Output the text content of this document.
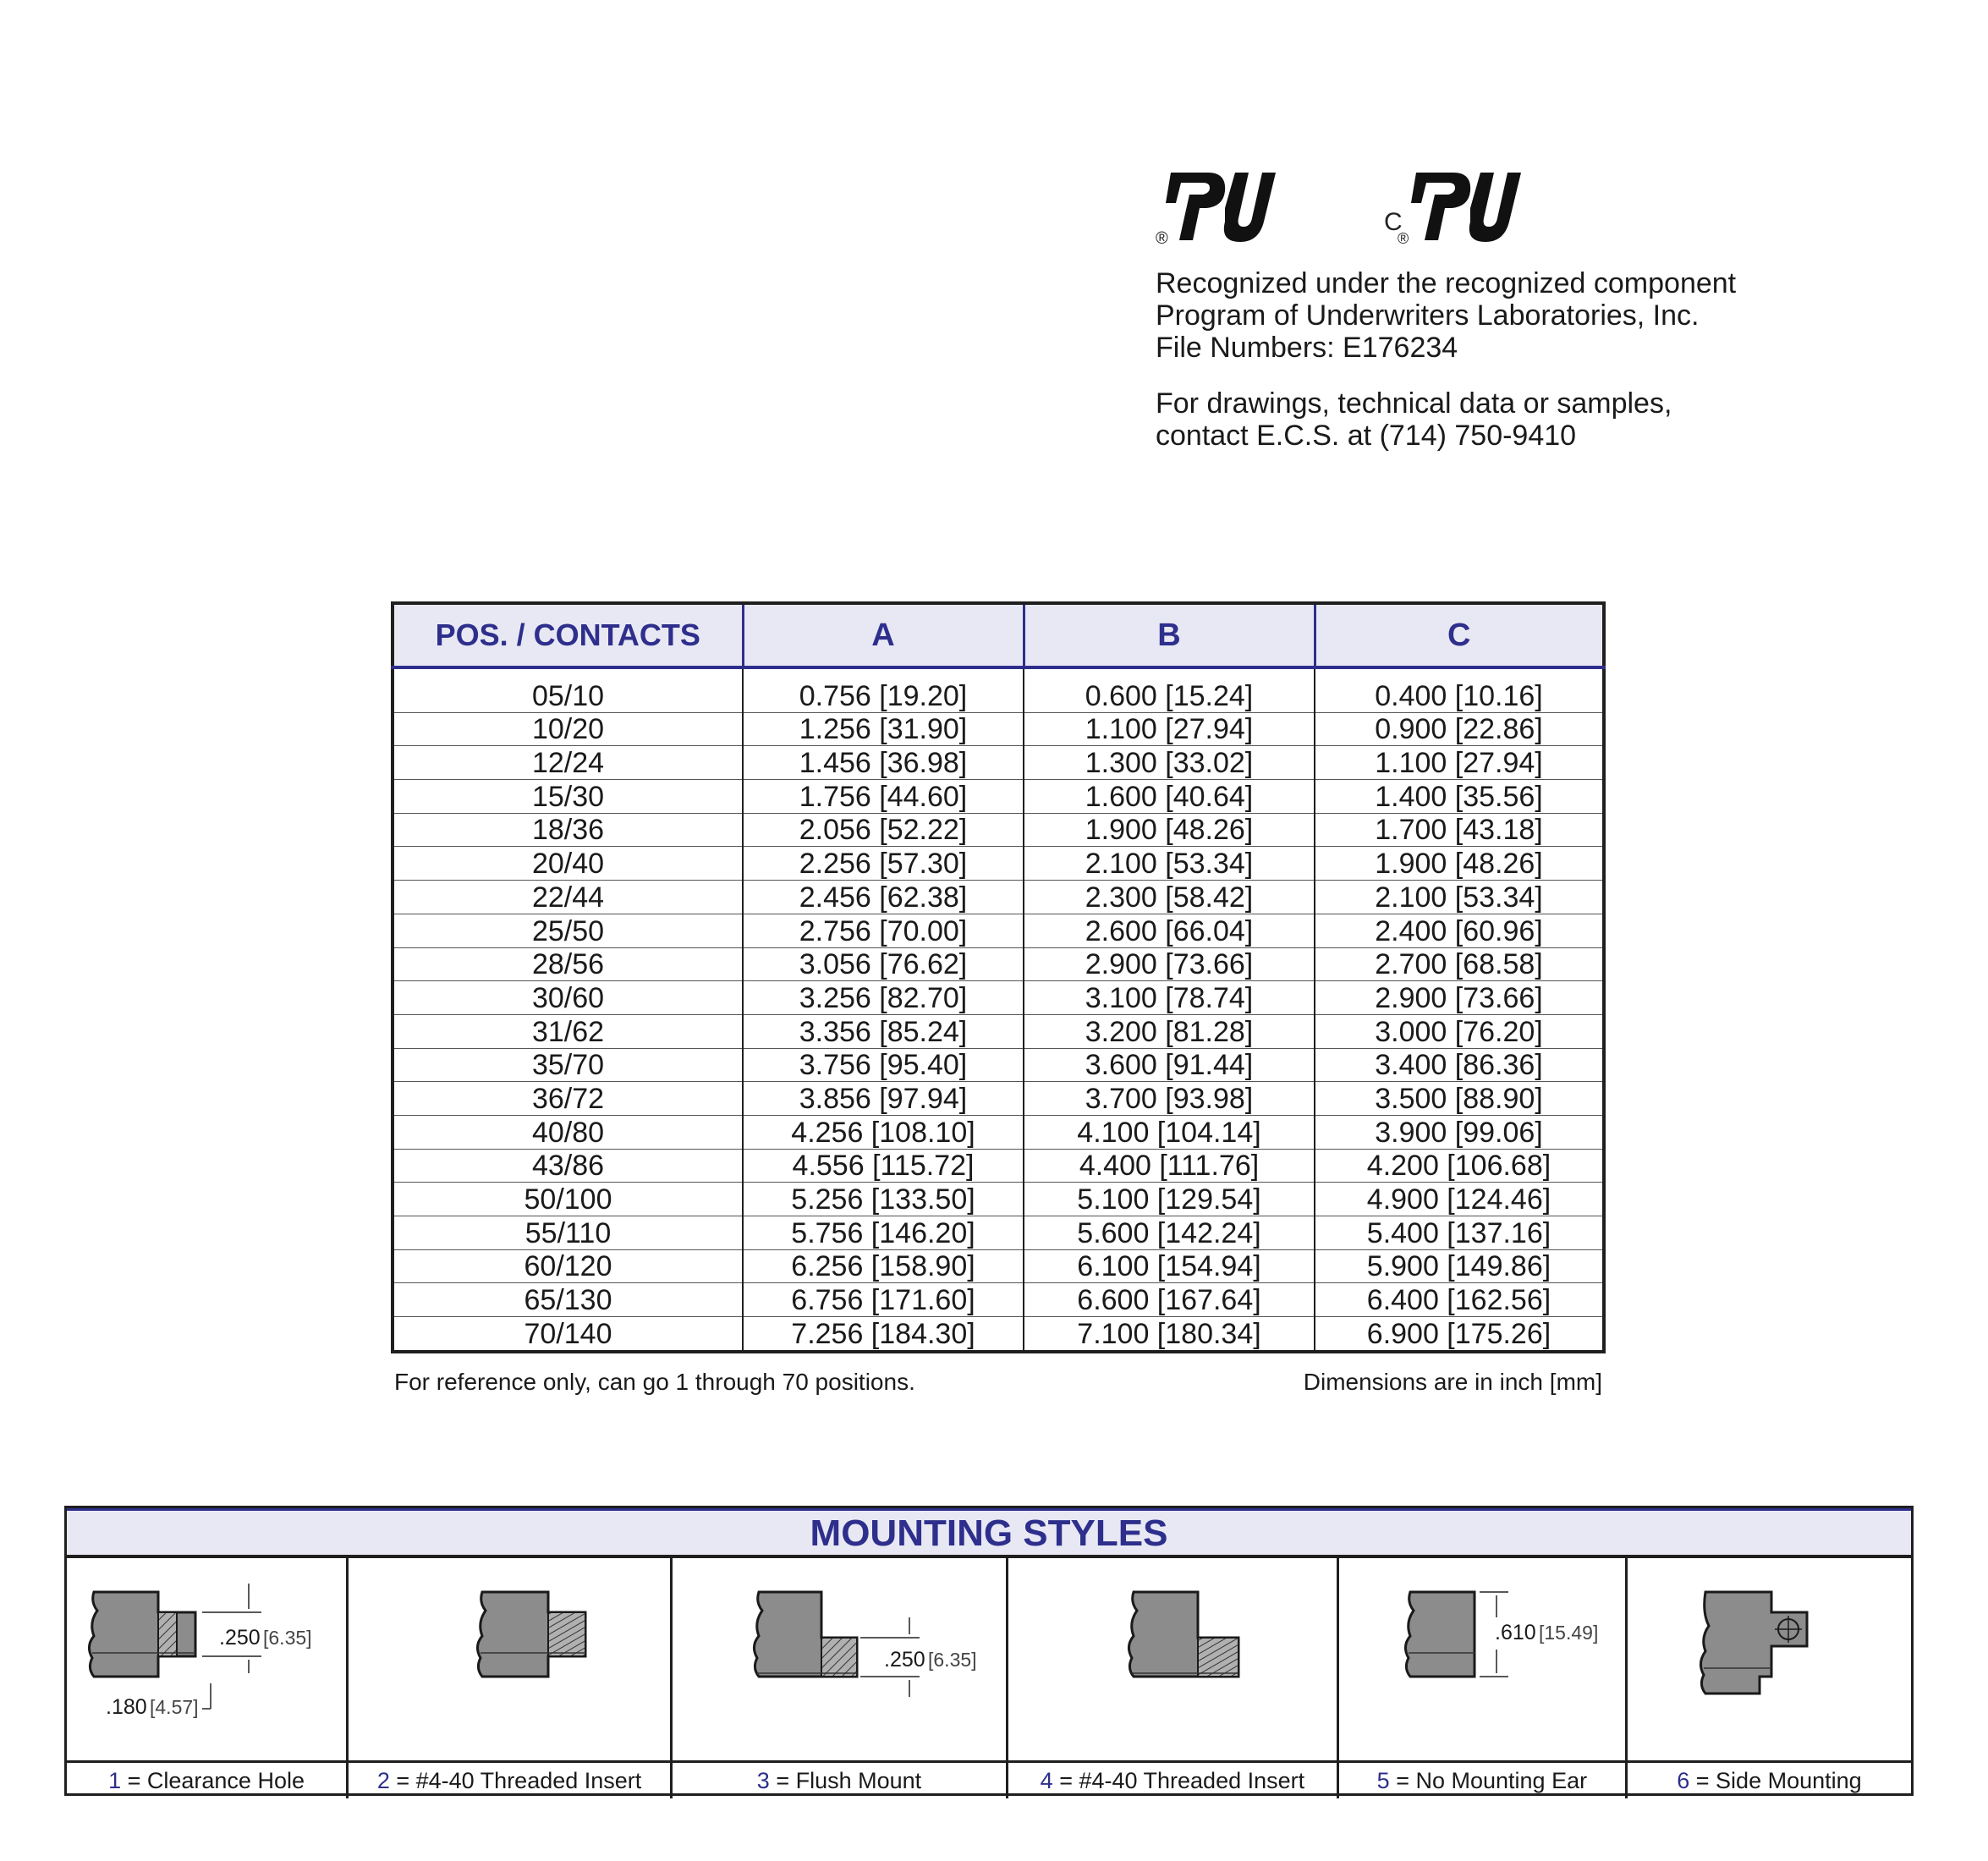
®
C
®

Recognized under the recognized component

Program of Underwriters Laboratories, Inc.

File Numbers: E176234

For drawings, technical data or samples,

contact E.C.S. at (714) 750-9410

POS. / CONTACTS	A	B	C
05/10	0.756 [19.20]	0.600 [15.24]	0.400 [10.16]
10/20	1.256 [31.90]	1.100 [27.94]	0.900 [22.86]
12/24	1.456 [36.98]	1.300 [33.02]	1.100 [27.94]
15/30	1.756 [44.60]	1.600 [40.64]	1.400 [35.56]
18/36	2.056 [52.22]	1.900 [48.26]	1.700 [43.18]
20/40	2.256 [57.30]	2.100 [53.34]	1.900 [48.26]
22/44	2.456 [62.38]	2.300 [58.42]	2.100 [53.34]
25/50	2.756 [70.00]	2.600 [66.04]	2.400 [60.96]
28/56	3.056 [76.62]	2.900 [73.66]	2.700 [68.58]
30/60	3.256 [82.70]	3.100 [78.74]	2.900 [73.66]
31/62	3.356 [85.24]	3.200 [81.28]	3.000 [76.20]
35/70	3.756 [95.40]	3.600 [91.44]	3.400 [86.36]
36/72	3.856 [97.94]	3.700 [93.98]	3.500 [88.90]
40/80	4.256 [108.10]	4.100 [104.14]	3.900 [99.06]
43/86	4.556 [115.72]	4.400 [111.76]	4.200 [106.68]
50/100	5.256 [133.50]	5.100 [129.54]	4.900 [124.46]
55/110	5.756 [146.20]	5.600 [142.24]	5.400 [137.16]
60/120	6.256 [158.90]	6.100 [154.94]	5.900 [149.86]
65/130	6.756 [171.60]	6.600 [167.64]	6.400 [162.56]
70/140	7.256 [184.30]	7.100 [180.34]	6.900 [175.26]
For reference only, can go 1 through 70 positions.	Dimensions are in inch [mm]
MOUNTING STYLES
.250 [6.35]
.180 [4.57]
1 = Clearance Hole	2 = #4-40 Threaded Insert
.250 [6.35]
3 = Flush Mount	4 = #4-40 Threaded Insert
.610 [15.49]
5 = No Mounting Ear	6 = Side Mounting
